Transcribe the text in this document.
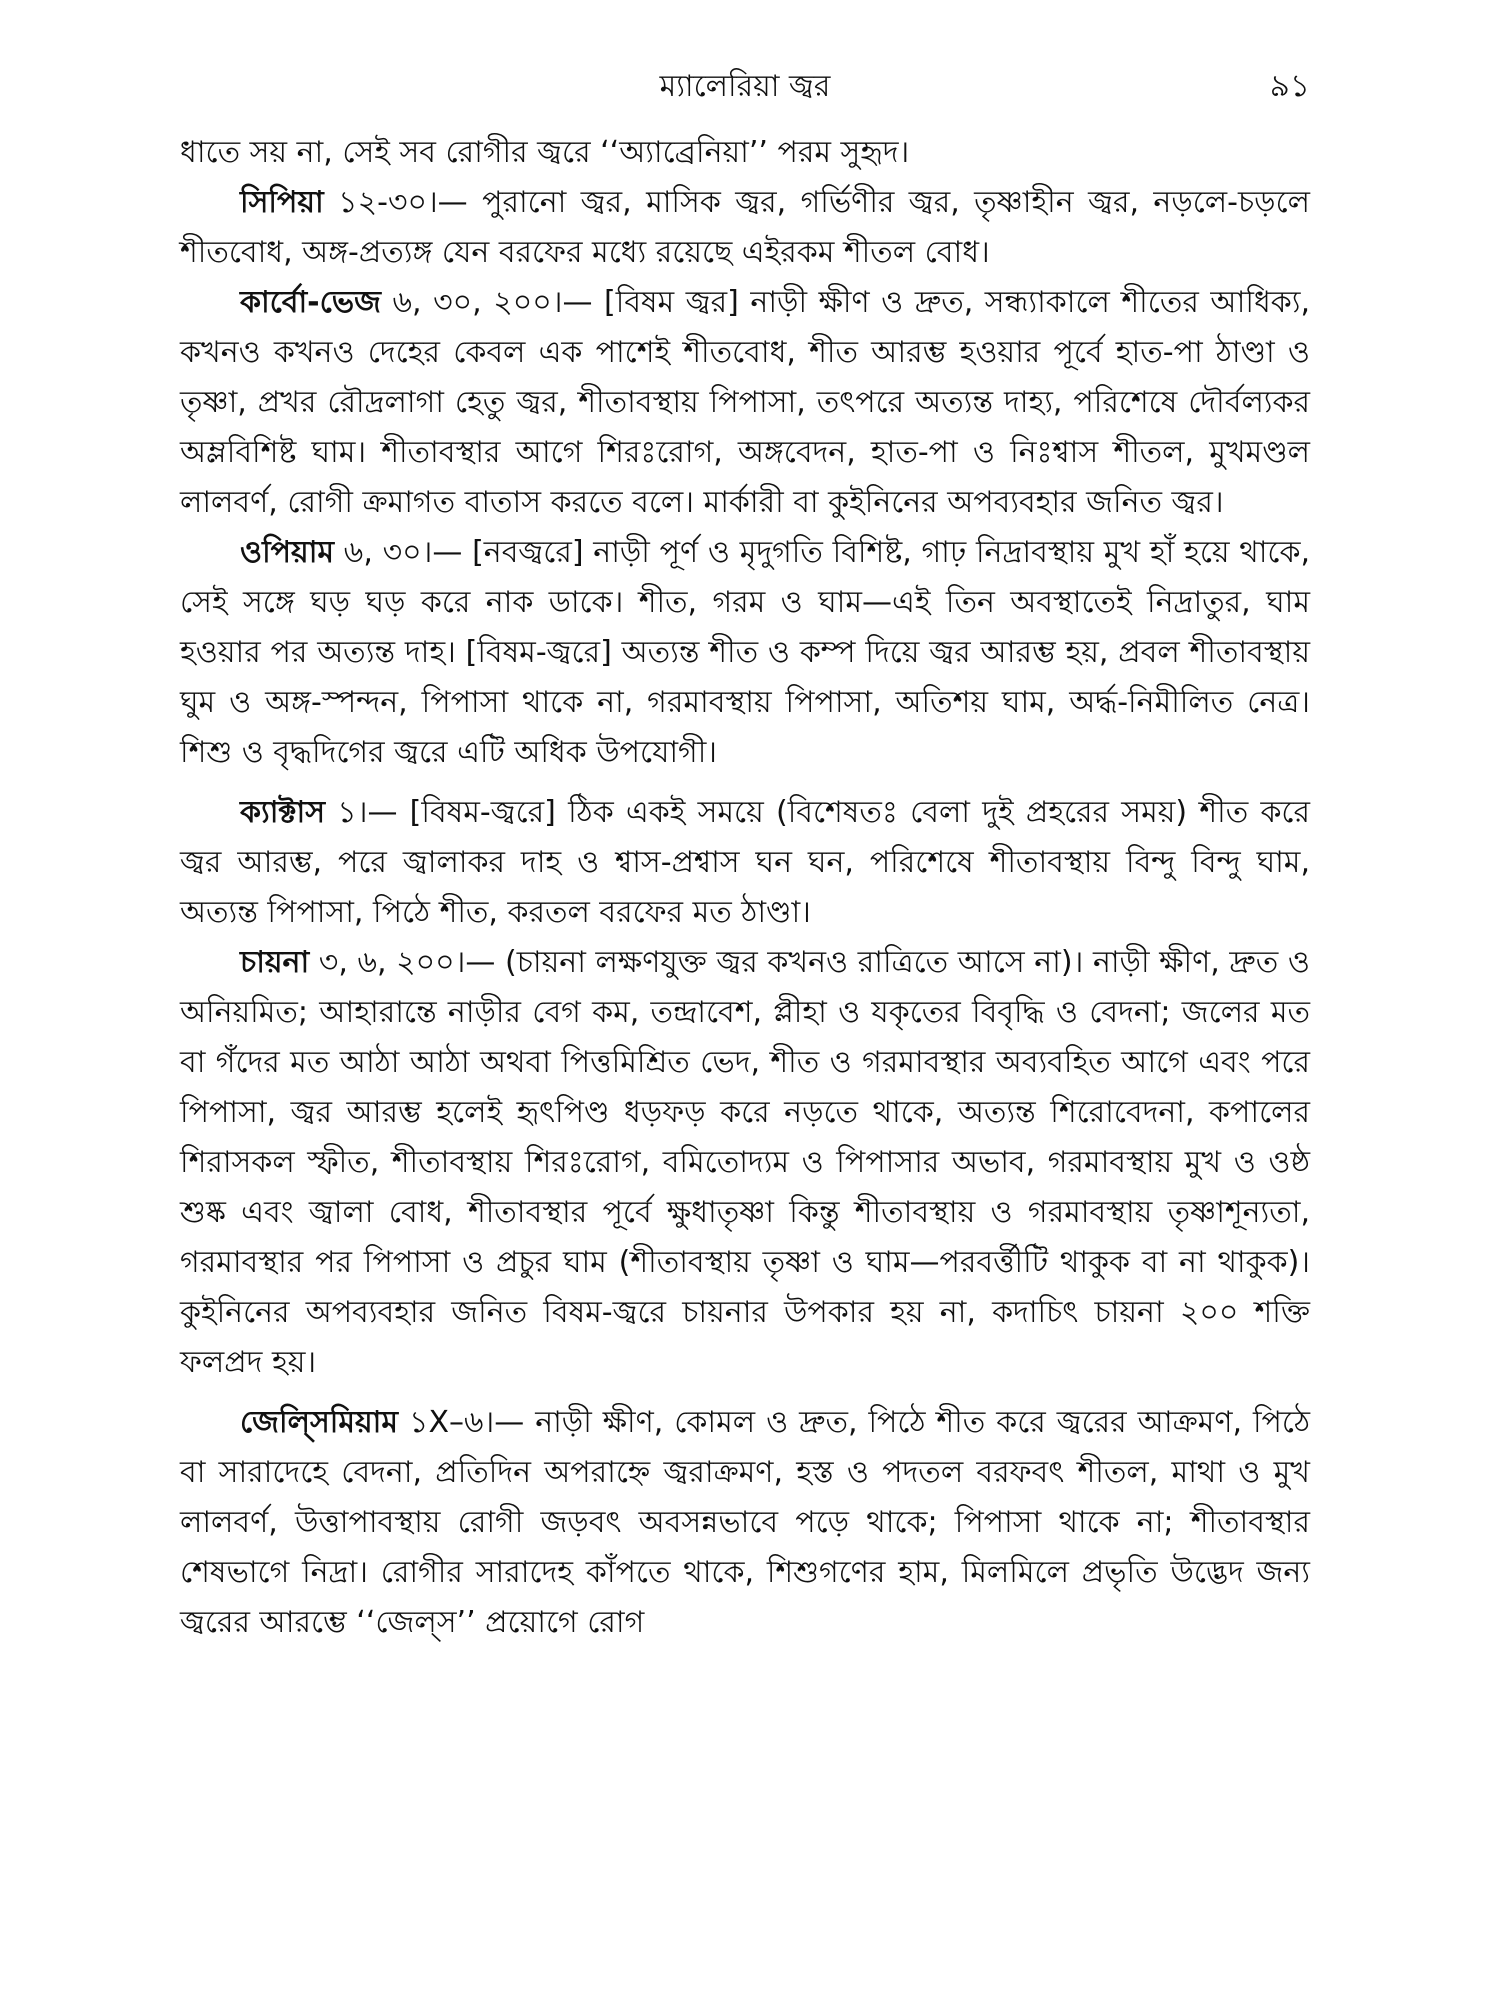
ম্যালেরিয়া জ্বর	৯১

ধাতে সয় না, সেই সব রোগীর জ্বরে ‘‘অ্যাব্রেনিয়া’’ পরম সুহৃদ।

সিপিয়া ১২-৩০।— পুরানো জ্বর, মাসিক জ্বর, গর্ভিণীর জ্বর, তৃষ্ণাহীন জ্বর, নড়লে-চড়লে শীতবোধ, অঙ্গ-প্রত্যঙ্গ যেন বরফের মধ্যে রয়েছে এইরকম শীতল বোধ।

কার্বো-ভেজ ৬, ৩০, ২০০।— [বিষম জ্বর] নাড়ী ক্ষীণ ও দ্রুত, সন্ধ্যাকালে শীতের আধিক্য, কখনও কখনও দেহের কেবল এক পাশেই শীতবোধ, শীত আরম্ভ হওয়ার পূর্বে হাত-পা ঠাণ্ডা ও তৃষ্ণা, প্রখর রৌদ্রলাগা হেতু জ্বর, শীতাবস্থায় পিপাসা, তৎপরে অত্যন্ত দাহ্য, পরিশেষে দৌর্বল্যকর অম্লবিশিষ্ট ঘাম। শীতাবস্থার আগে শিরঃরোগ, অঙ্গবেদন, হাত-পা ও নিঃশ্বাস শীতল, মুখমণ্ডল লালবর্ণ, রোগী ক্রমাগত বাতাস করতে বলে। মার্কারী বা কুইনিনের অপব্যবহার জনিত জ্বর।

ওপিয়াম ৬, ৩০।— [নবজ্বরে] নাড়ী পূর্ণ ও মৃদুগতি বিশিষ্ট, গাঢ় নিদ্রাবস্থায় মুখ হাঁ হয়ে থাকে, সেই সঙ্গে ঘড় ঘড় করে নাক ডাকে। শীত, গরম ও ঘাম—এই তিন অবস্থাতেই নিদ্রাতুর, ঘাম হওয়ার পর অত্যন্ত দাহ। [বিষম-জ্বরে] অত্যন্ত শীত ও কম্প দিয়ে জ্বর আরম্ভ হয়, প্রবল শীতাবস্থায় ঘুম ও অঙ্গ-স্পন্দন, পিপাসা থাকে না, গরমাবস্থায় পিপাসা, অতিশয় ঘাম, অর্দ্ধ-নিমীলিত নেত্র। শিশু ও বৃদ্ধদিগের জ্বরে এটি অধিক উপযোগী।

ক্যাক্টাস ১।— [বিষম-জ্বরে] ঠিক একই সময়ে (বিশেষতঃ বেলা দুই প্রহরের সময়) শীত করে জ্বর আরম্ভ, পরে জ্বালাকর দাহ ও শ্বাস-প্রশ্বাস ঘন ঘন, পরিশেষে শীতাবস্থায় বিন্দু বিন্দু ঘাম, অত্যন্ত পিপাসা, পিঠে শীত, করতল বরফের মত ঠাণ্ডা।

চায়না ৩, ৬, ২০০।— (চায়না লক্ষণযুক্ত জ্বর কখনও রাত্রিতে আসে না)। নাড়ী ক্ষীণ, দ্রুত ও অনিয়মিত; আহারান্তে নাড়ীর বেগ কম, তন্দ্রাবেশ, প্লীহা ও যকৃতের বিবৃদ্ধি ও বেদনা; জলের মত বা গঁদের মত আঠা আঠা অথবা পিত্তমিশ্রিত ভেদ, শীত ও গরমাবস্থার অব্যবহিত আগে এবং পরে পিপাসা, জ্বর আরম্ভ হলেই হৃৎপিণ্ড ধড়ফড় করে নড়তে থাকে, অত্যন্ত শিরোবেদনা, কপালের শিরাসকল স্ফীত, শীতাবস্থায় শিরঃরোগ, বমিতোদ্যম ও পিপাসার অভাব, গরমাবস্থায় মুখ ও ওষ্ঠ শুষ্ক এবং জ্বালা বোধ, শীতাবস্থার পূর্বে ক্ষুধাতৃষ্ণা কিন্তু শীতাবস্থায় ও গরমাবস্থায় তৃষ্ণাশূন্যতা, গরমাবস্থার পর পিপাসা ও প্রচুর ঘাম (শীতাবস্থায় তৃষ্ণা ও ঘাম—পরবর্ত্তীটি থাকুক বা না থাকুক)। কুইনিনের অপব্যবহার জনিত বিষম-জ্বরে চায়নার উপকার হয় না, কদাচিৎ চায়না ২০০ শক্তি ফলপ্রদ হয়।

জেল্সিমিয়াম ১X–৬।— নাড়ী ক্ষীণ, কোমল ও দ্রুত, পিঠে শীত করে জ্বরের আক্রমণ, পিঠে বা সারাদেহে বেদনা, প্রতিদিন অপরাহ্নে জ্বরাক্রমণ, হস্ত ও পদতল বরফবৎ শীতল, মাথা ও মুখ লালবর্ণ, উত্তাপাবস্থায় রোগী জড়বৎ অবসন্নভাবে পড়ে থাকে; পিপাসা থাকে না; শীতাবস্থার শেষভাগে নিদ্রা। রোগীর সারাদেহ কাঁপতে থাকে, শিশুগণের হাম, মিলমিলে প্রভৃতি উদ্ভেদ জন্য জ্বরের আরম্ভে ‘‘জেল্স’’ প্রয়োগে রোগ
